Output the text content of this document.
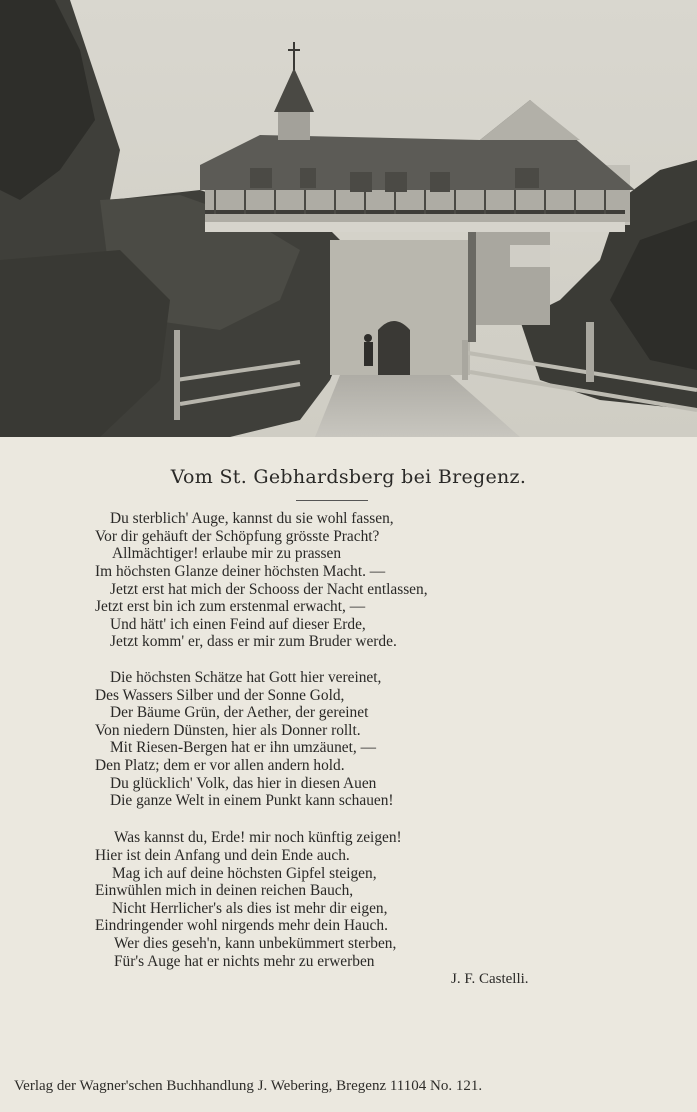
Vom St. Gebhardsberg bei Bregenz.
Du sterblich' Auge, kannst du sie wohl fassen,
Vor dir gehäuft der Schöpfung grösste Pracht?
Allmächtiger! erlaube mir zu prassen
Im höchsten Glanze deiner höchsten Macht. —
Jetzt erst hat mich der Schooss der Nacht entlassen,
Jetzt erst bin ich zum erstenmal erwacht, —
Und hätt' ich einen Feind auf dieser Erde,
Jetzt komm' er, dass er mir zum Bruder werde.
Die höchsten Schätze hat Gott hier vereinet,
Des Wassers Silber und der Sonne Gold,
Der Bäume Grün, der Aether, der gereinet
Von niedern Dünsten, hier als Donner rollt.
Mit Riesen-Bergen hat er ihn umzäunet, —
Den Platz; dem er vor allen andern hold.
Du glücklich' Volk, das hier in diesen Auen
Die ganze Welt in einem Punkt kann schauen!
Was kannst du, Erde! mir noch künftig zeigen!
Hier ist dein Anfang und dein Ende auch.
Mag ich auf deine höchsten Gipfel steigen,
Einwühlen mich in deinen reichen Bauch,
Nicht Herrlicher's als dies ist mehr dir eigen,
Eindringender wohl nirgends mehr dein Hauch.
Wer dies geseh'n, kann unbekümmert sterben,
Für's Auge hat er nichts mehr zu erwerben
J. F. Castelli.
Verlag der Wagner'schen Buchhandlung J. Webering, Bregenz 11104 No. 121.
